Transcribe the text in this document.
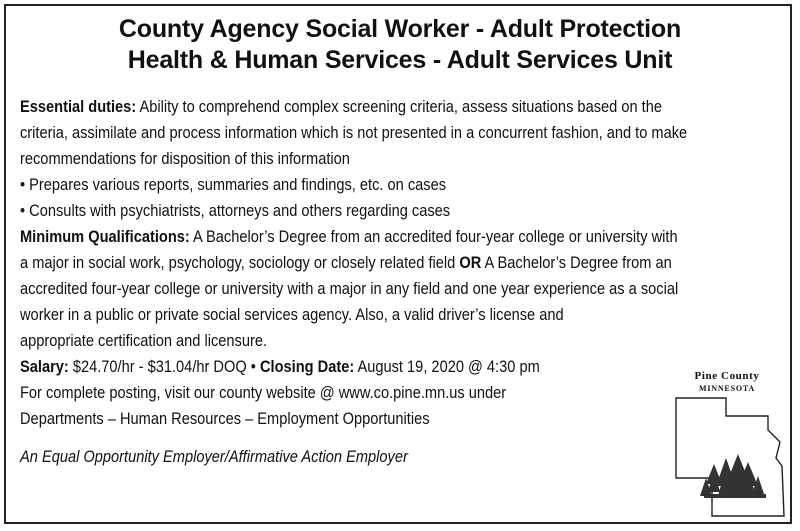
County Agency Social Worker - Adult Protection
Health & Human Services - Adult Services Unit
Essential duties: Ability to comprehend complex screening criteria, assess situations based on the
criteria, assimilate and process information which is not presented in a concurrent fashion, and to make
recommendations for disposition of this information
• Prepares various reports, summaries and findings, etc. on cases
• Consults with psychiatrists, attorneys and others regarding cases
Minimum Qualifications: A Bachelor’s Degree from an accredited four-year college or university with
a major in social work, psychology, sociology or closely related field OR A Bachelor’s Degree from an
accredited four-year college or university with a major in any field and one year experience as a social
worker in a public or private social services agency. Also, a valid driver’s license and
appropriate certification and licensure.
Salary: $24.70/hr - $31.04/hr DOQ • Closing Date: August 19, 2020 @ 4:30 pm
For complete posting, visit our county website @ www.co.pine.mn.us under
Departments – Human Resources – Employment Opportunities
An Equal Opportunity Employer/Affirmative Action Employer
Pine County
MINNESOTA
